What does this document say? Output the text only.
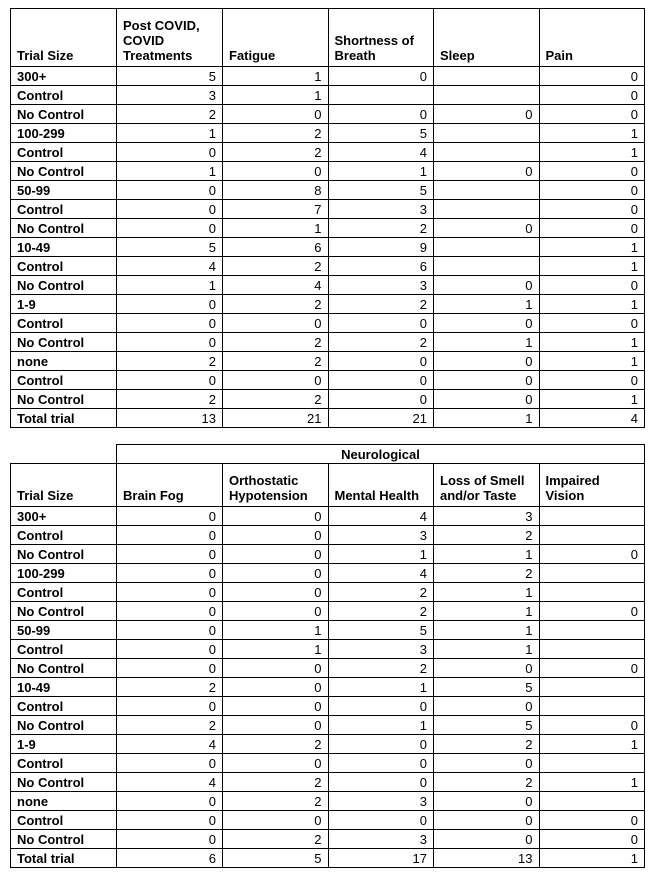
Trial Size	Post COVID, COVID Treatments	Fatigue	Shortness of Breath	Sleep	Pain
300+	5	1	0		0
Control	3	1			0
No Control	2	0	0	0	0
100-299	1	2	5		1
Control	0	2	4		1
No Control	1	0	1	0	0
50-99	0	8	5		0
Control	0	7	3		0
No Control	0	1	2	0	0
10-49	5	6	9		1
Control	4	2	6		1
No Control	1	4	3	0	0
1-9	0	2	2	1	1
Control	0	0	0	0	0
No Control	0	2	2	1	1
none	2	2	0	0	1
Control	0	0	0	0	0
No Control	2	2	0	0	1
Total trial	13	21	21	1	4
	Neurological				
Trial Size	Brain Fog	Orthostatic Hypotension	Mental Health	Loss of Smell and/or Taste	Impaired Vision
300+	0	0	4	3	
Control	0	0	3	2	
No Control	0	0	1	1	0
100-299	0	0	4	2	
Control	0	0	2	1	
No Control	0	0	2	1	0
50-99	0	1	5	1	
Control	0	1	3	1	
No Control	0	0	2	0	0
10-49	2	0	1	5	
Control	0	0	0	0	
No Control	2	0	1	5	0
1-9	4	2	0	2	1
Control	0	0	0	0	
No Control	4	2	0	2	1
none	0	2	3	0	
Control	0	0	0	0	0
No Control	0	2	3	0	0
Total trial	6	5	17	13	1
